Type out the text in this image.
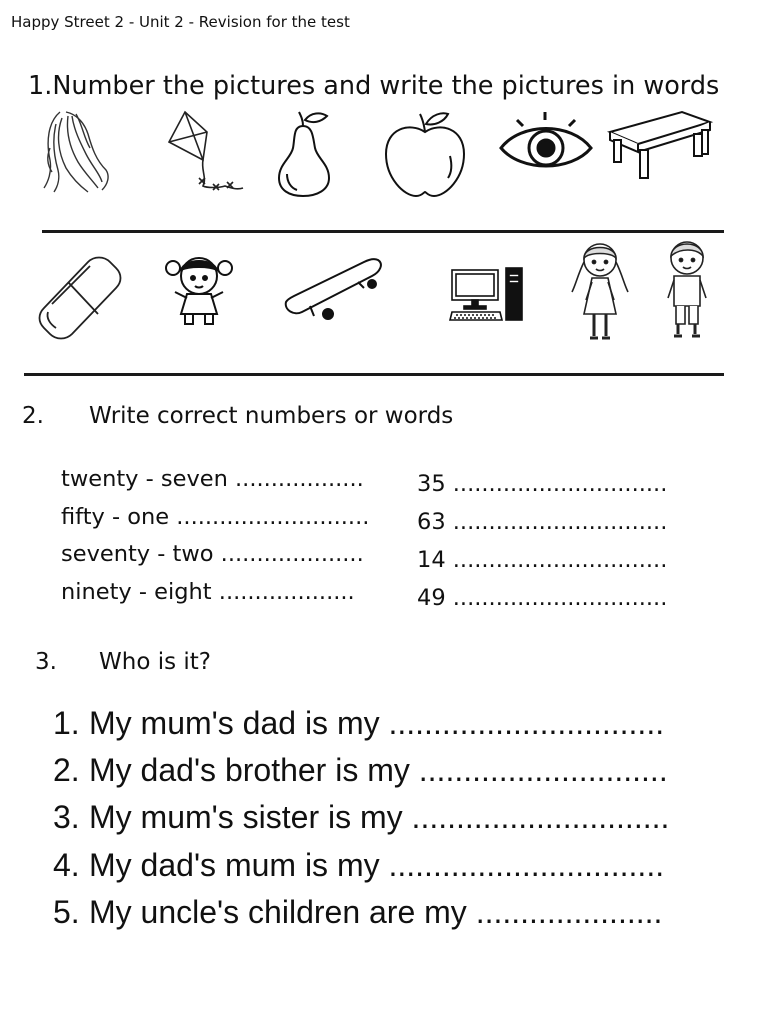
Happy Street 2 - Unit 2 - Revision for the test
1.Number the pictures and write the pictures in words
2. Write correct numbers or words
twenty - seven ..................
fifty - one ...........................
seventy - two ....................
ninety - eight ...................
35 ..............................
63 ..............................
14 ..............................
49 ..............................
3. Who is it?
1. My mum's dad is my ...............................
2. My dad's brother is my ............................
3. My mum's sister is my .............................
4. My dad's mum is my ...............................
5. My uncle's children are my .....................
